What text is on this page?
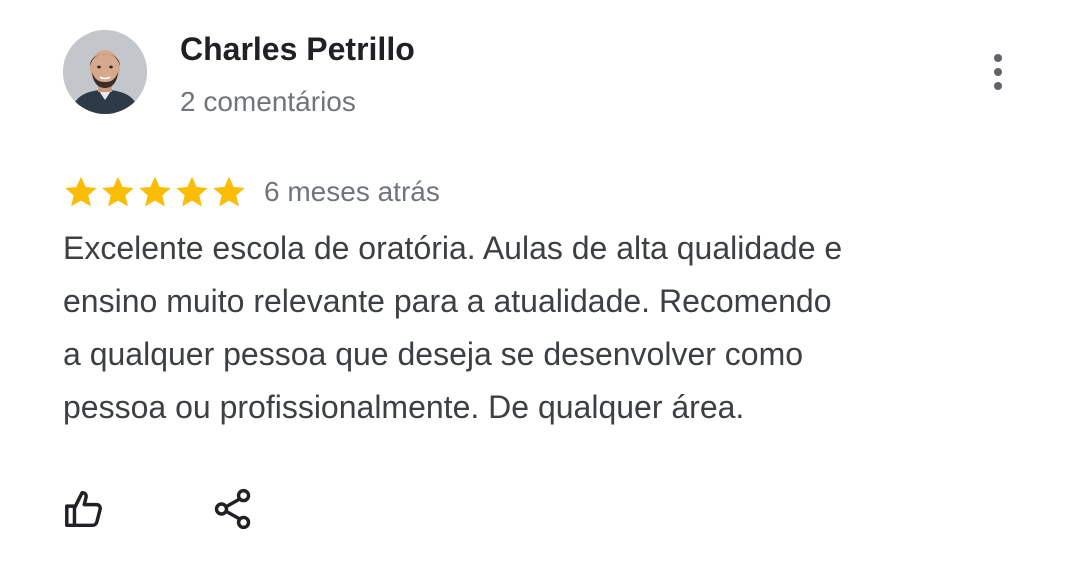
Charles Petrillo
2 comentários
6 meses atrás
Excelente escola de oratória. Aulas de alta qualidade e
ensino muito relevante para a atualidade. Recomendo
a qualquer pessoa que deseja se desenvolver como
pessoa ou profissionalmente. De qualquer área.
